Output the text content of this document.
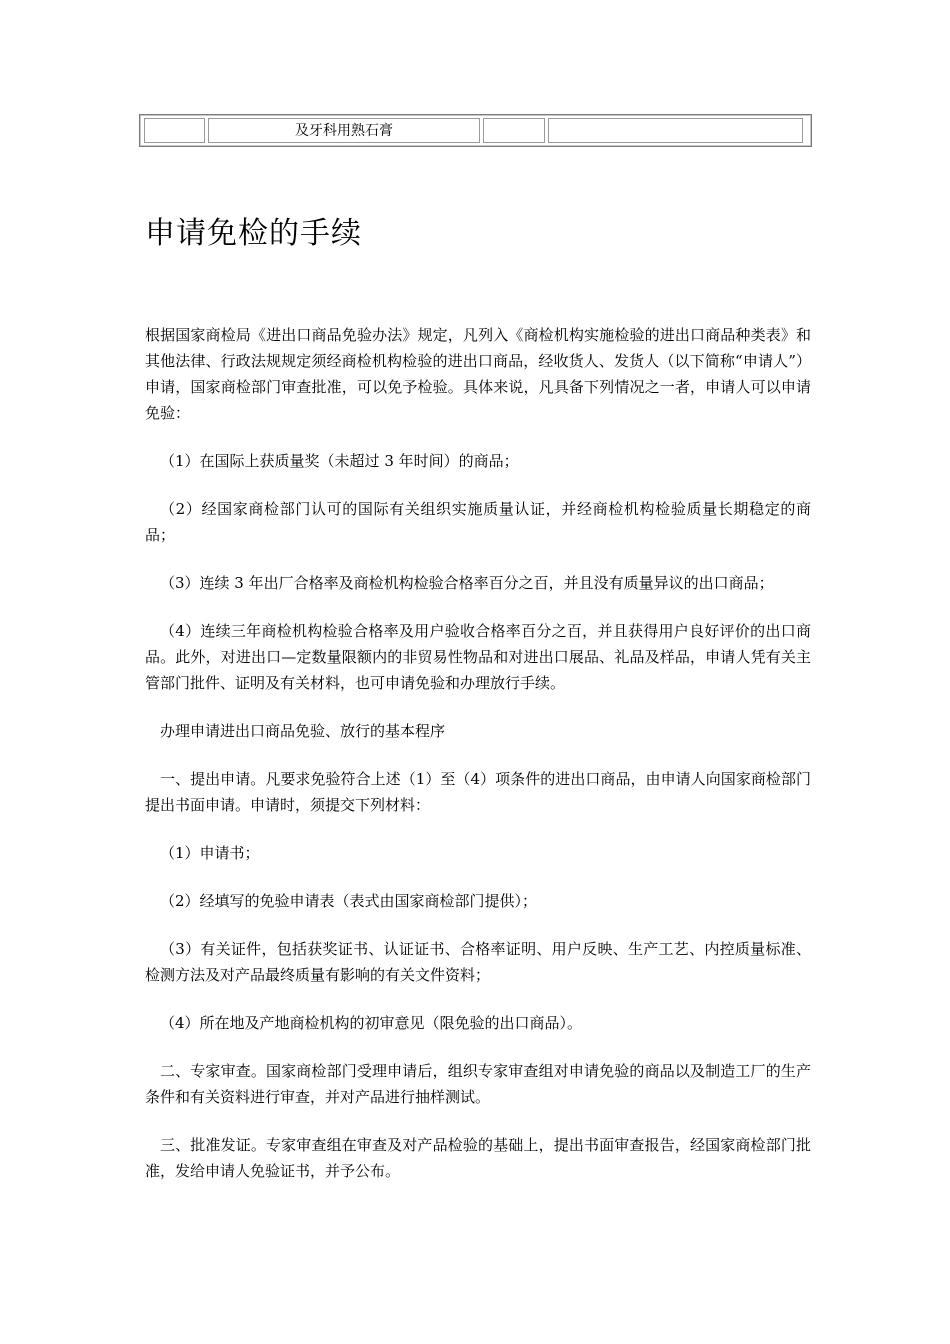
及牙科用熟石膏
申请免检的手续

根据国家商检局《进出口商品免验办法》规定，凡列入《商检机构实施检验的进出口商品种类表》和其他法律、行政法规规定须经商检机构检验的进出口商品，经收货人、发货人（以下简称“申请人”）申请，国家商检部门审查批准，可以免予检验。具体来说，凡具备下列情况之一者，申请人可以申请免验：

（1）在国际上获质量奖（未超过 3 年时间）的商品；

（2）经国家商检部门认可的国际有关组织实施质量认证，并经商检机构检验质量长期稳定的商品；

（3）连续 3 年出厂合格率及商检机构检验合格率百分之百，并且没有质量异议的出口商品；

（4）连续三年商检机构检验合格率及用户验收合格率百分之百，并且获得用户良好评价的出口商品。此外，对进出口—定数量限额内的非贸易性物品和对进出口展品、礼品及样品，申请人凭有关主管部门批件、证明及有关材料，也可申请免验和办理放行手续。

办理申请进出口商品免验、放行的基本程序

一、提出申请。凡要求免验符合上述（1）至（4）项条件的进出口商品，由申请人向国家商检部门提出书面申请。申请时，须提交下列材料：

（1）申请书；

（2）经填写的免验申请表（表式由国家商检部门提供）；

（3）有关证件，包括获奖证书、认证证书、合格率证明、用户反映、生产工艺、内控质量标准、检测方法及对产品最终质量有影响的有关文件资料；

（4）所在地及产地商检机构的初审意见（限免验的出口商品）。

二、专家审查。国家商检部门受理申请后，组织专家审查组对申请免验的商品以及制造工厂的生产条件和有关资料进行审查，并对产品进行抽样测试。

三、批准发证。专家审查组在审查及对产品检验的基础上，提出书面审查报告，经国家商检部门批准，发给申请人免验证书，并予公布。
